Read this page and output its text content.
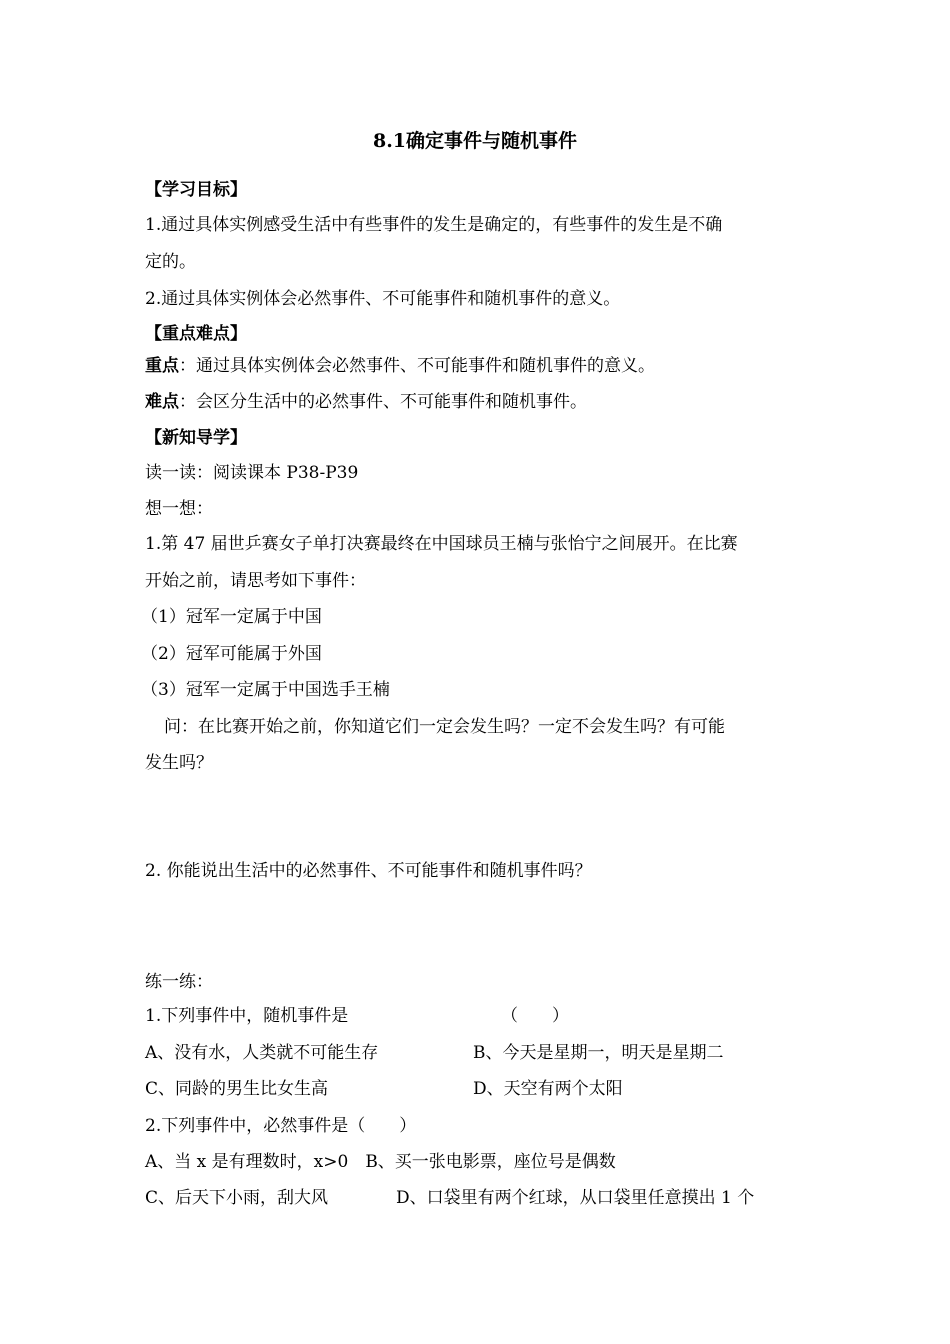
8.1确定事件与随机事件
【学习目标】
1.通过具体实例感受生活中有些事件的发生是确定的，有些事件的发生是不确
定的。
2.通过具体实例体会必然事件、不可能事件和随机事件的意义。
【重点难点】
重点：通过具体实例体会必然事件、不可能事件和随机事件的意义。
难点：会区分生活中的必然事件、不可能事件和随机事件。
【新知导学】
读一读：阅读课本 P38-P39
想一想：
1.第 47 届世乒赛女子单打决赛最终在中国球员王楠与张怡宁之间展开。在比赛
开始之前，请思考如下事件：
（1）冠军一定属于中国
（2）冠军可能属于外国
（3）冠军一定属于中国选手王楠
问：在比赛开始之前，你知道它们一定会发生吗？一定不会发生吗？有可能
发生吗？
2. 你能说出生活中的必然事件、不可能事件和随机事件吗？
练一练：
1.下列事件中，随机事件是	（　　）
A、没有水，人类就不可能生存	B、今天是星期一，明天是星期二
C、同龄的男生比女生高	D、天空有两个太阳
2.下列事件中，必然事件是（　　）
A、当 x 是有理数时，x>0　B、买一张电影票，座位号是偶数
C、后天下小雨，刮大风	D、口袋里有两个红球，从口袋里任意摸出 1 个
